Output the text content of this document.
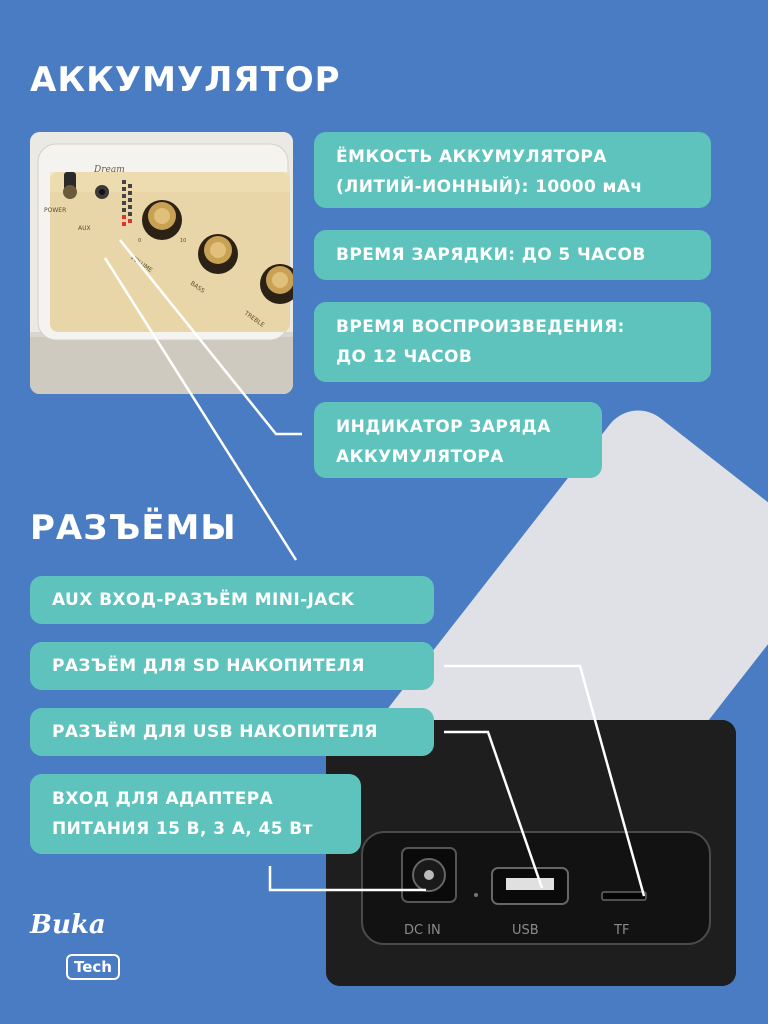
АККУМУЛЯТОР
Dream
POWER
AUX
VOLUME
BASS
TREBLE
0	10
ЁМКОСТЬ АККУМУЛЯТОРА
(ЛИТИЙ-ИОННЫЙ): 10000 мАч
ВРЕМЯ ЗАРЯДКИ: ДО 5 ЧАСОВ
ВРЕМЯ ВОСПРОИЗВЕДЕНИЯ:
ДО 12 ЧАСОВ
ИНДИКАТОР ЗАРЯДА
АККУМУЛЯТОРА
РАЗЪЁМЫ
DC IN	USB	TF
AUX ВХОД-РАЗЪЁМ MINI-JACK
РАЗЪЁМ ДЛЯ SD НАКОПИТЕЛЯ
РАЗЪЁМ ДЛЯ USB НАКОПИТЕЛЯ
ВХОД ДЛЯ АДАПТЕРА
ПИТАНИЯ 15 В, 3 А, 45 Вт
Buka
Tech
